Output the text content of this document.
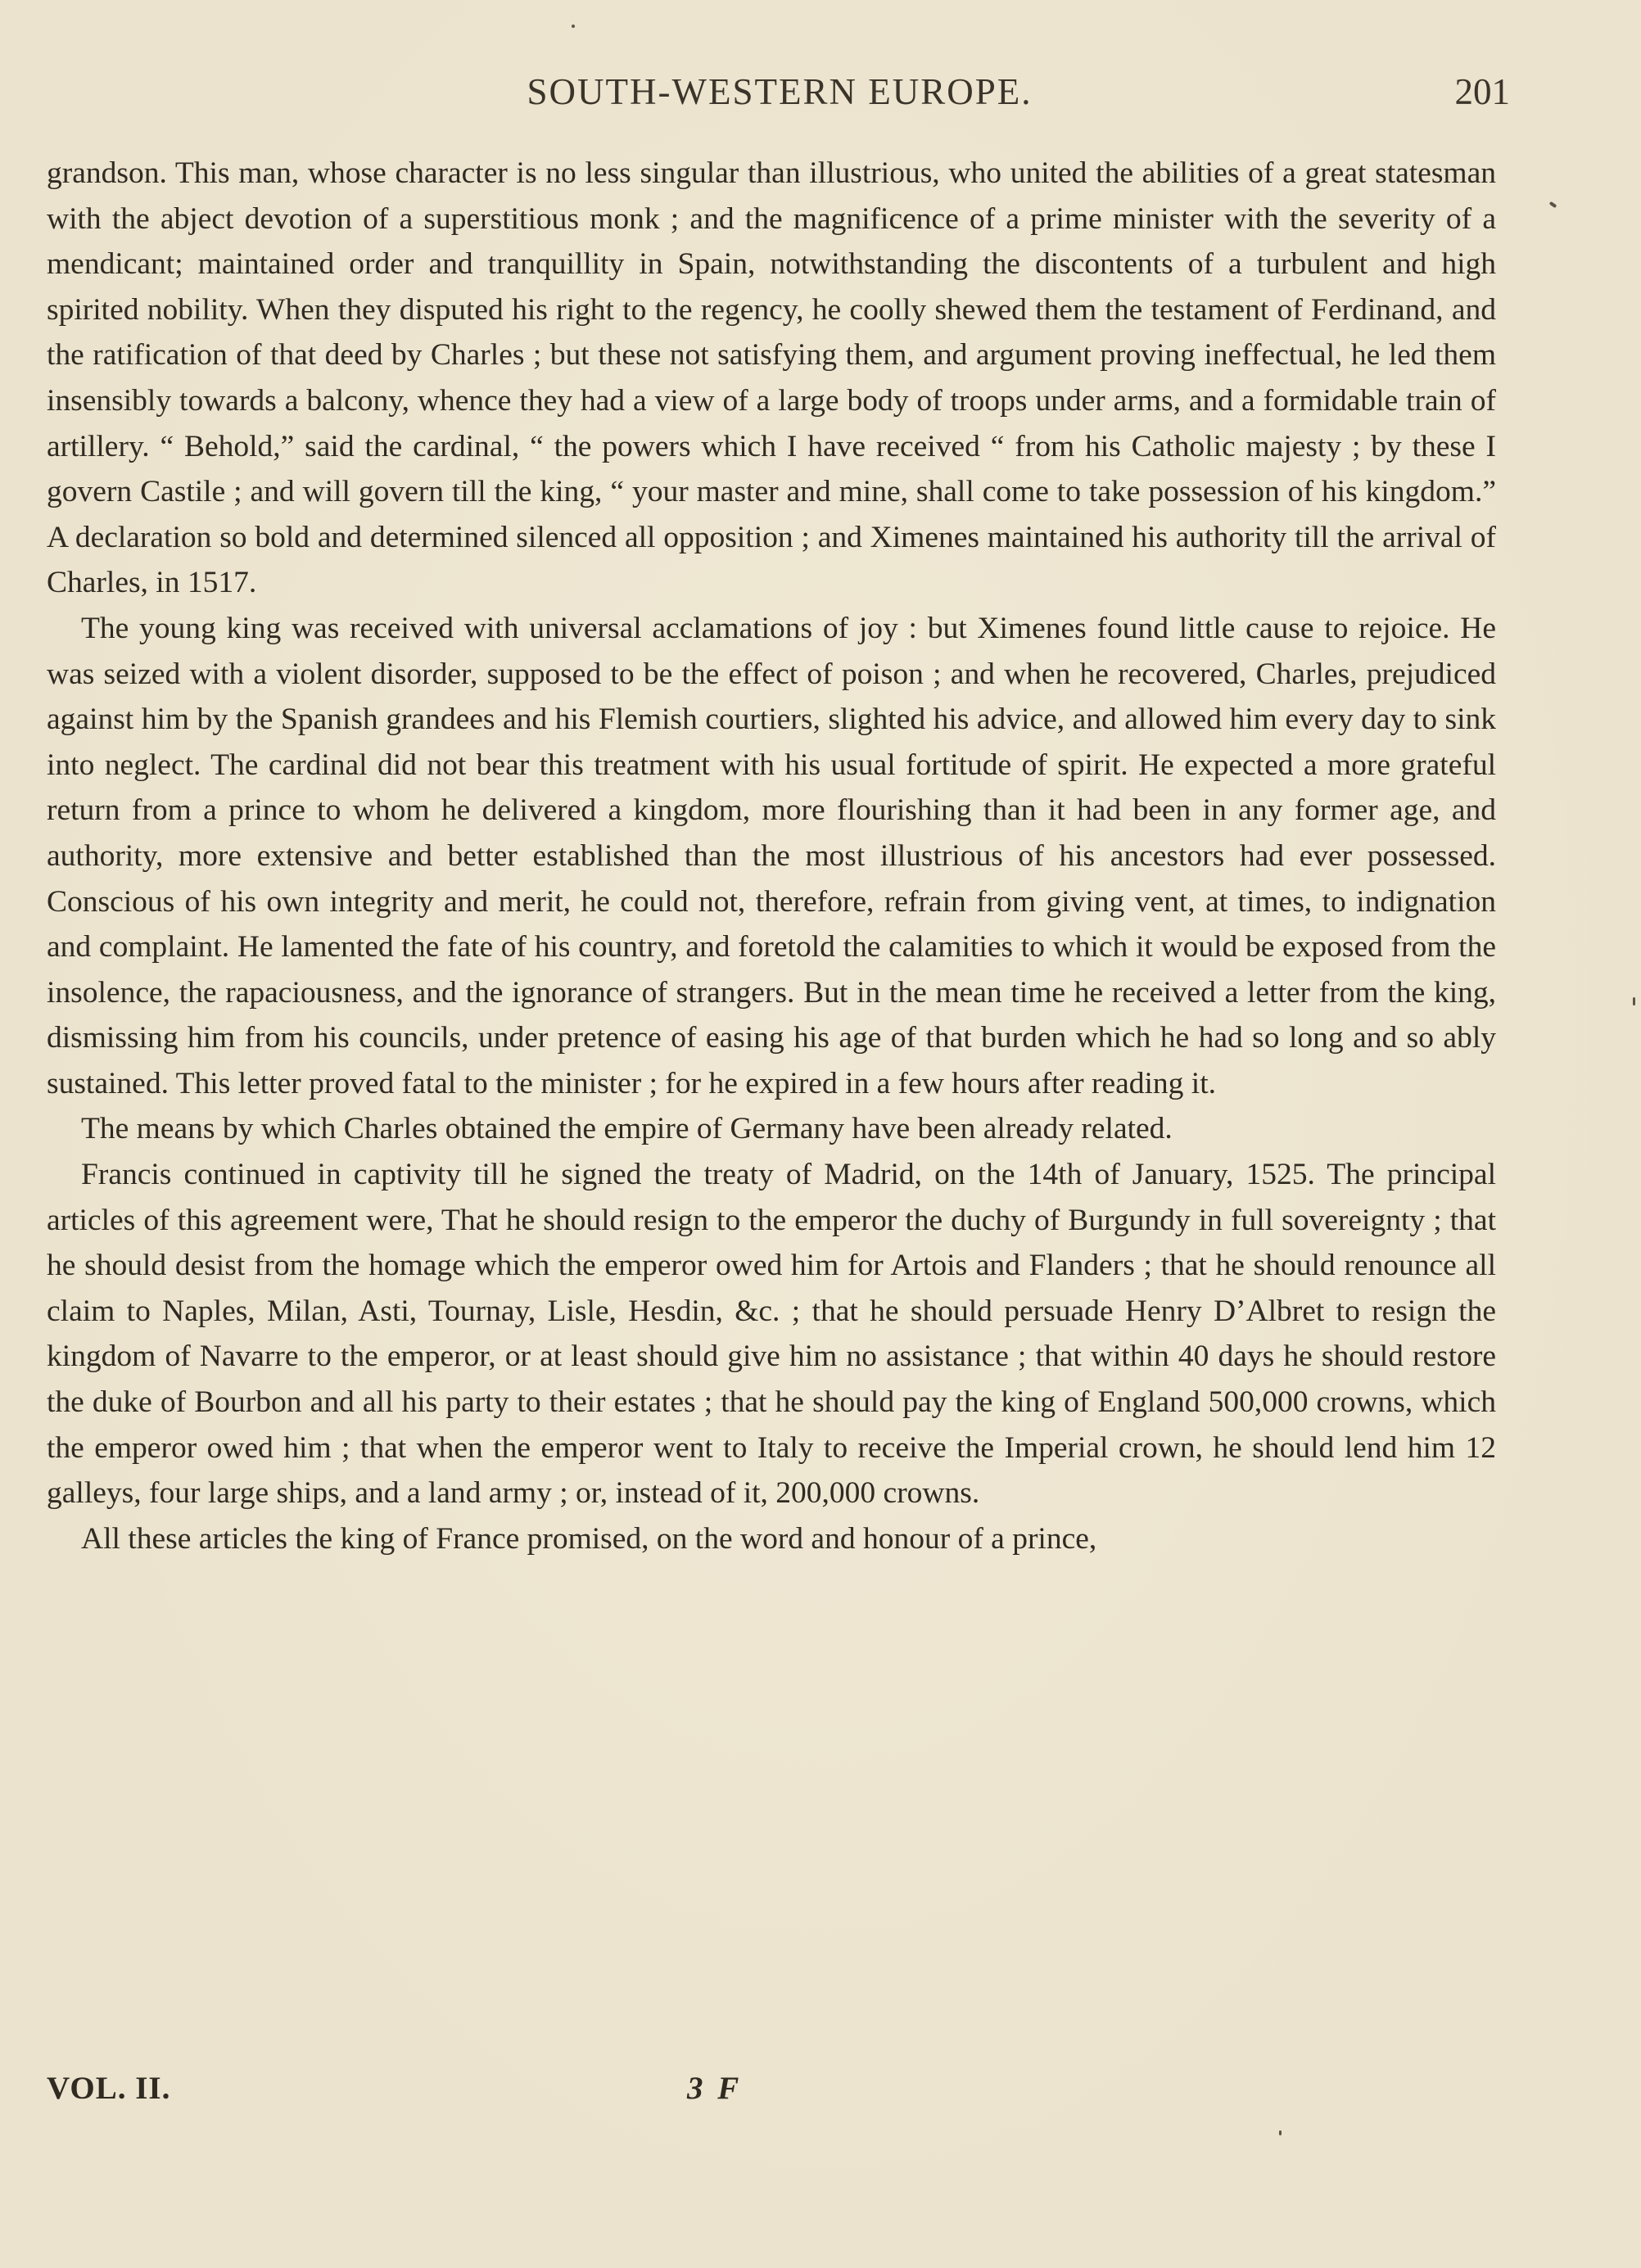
SOUTH-WESTERN EUROPE.	201

grandson. This man, whose character is no less singular than illustrious, who united the abilities of a great statesman with the abject devotion of a superstitious monk ; and the magnificence of a prime minister with the severity of a mendicant; maintained order and tranquillity in Spain, notwithstanding the discontents of a turbulent and high spirited nobility. When they disputed his right to the regency, he coolly shewed them the testament of Ferdinand, and the ratification of that deed by Charles ; but these not satisfying them, and argument proving ineffectual, he led them insensibly towards a balcony, whence they had a view of a large body of troops under arms, and a formidable train of artillery. “ Behold,” said the cardinal, “ the powers which I have received “ from his Catholic majesty ; by these I govern Castile ; and will govern till the king, “ your master and mine, shall come to take possession of his kingdom.” A declaration so bold and determined silenced all opposition ; and Ximenes maintained his authority till the arrival of Charles, in 1517.

The young king was received with universal acclamations of joy : but Ximenes found little cause to rejoice. He was seized with a violent disorder, supposed to be the effect of poison ; and when he recovered, Charles, prejudiced against him by the Spanish grandees and his Flemish courtiers, slighted his advice, and allowed him every day to sink into neglect. The cardinal did not bear this treatment with his usual fortitude of spirit. He expected a more grateful return from a prince to whom he delivered a kingdom, more flourishing than it had been in any former age, and authority, more extensive and better established than the most illustrious of his ancestors had ever possessed. Conscious of his own integrity and merit, he could not, therefore, refrain from giving vent, at times, to indignation and complaint. He lamented the fate of his country, and foretold the calamities to which it would be exposed from the insolence, the rapaciousness, and the ignorance of strangers. But in the mean time he received a letter from the king, dismissing him from his councils, under pretence of easing his age of that burden which he had so long and so ably sustained. This letter proved fatal to the minister ; for he expired in a few hours after reading it.

The means by which Charles obtained the empire of Germany have been already related.

Francis continued in captivity till he signed the treaty of Madrid, on the 14th of January, 1525. The principal articles of this agreement were, That he should resign to the emperor the duchy of Burgundy in full sovereignty ; that he should desist from the homage which the emperor owed him for Artois and Flanders ; that he should renounce all claim to Naples, Milan, Asti, Tournay, Lisle, Hesdin, &c. ; that he should persuade Henry D’Albret to resign the kingdom of Navarre to the emperor, or at least should give him no assistance ; that within 40 days he should restore the duke of Bourbon and all his party to their estates ; that he should pay the king of England 500,000 crowns, which the emperor owed him ; that when the emperor went to Italy to receive the Imperial crown, he should lend him 12 galleys, four large ships, and a land army ; or, instead of it, 200,000 crowns.

All these articles the king of France promised, on the word and honour of a prince,

VOL. II.	3 F
